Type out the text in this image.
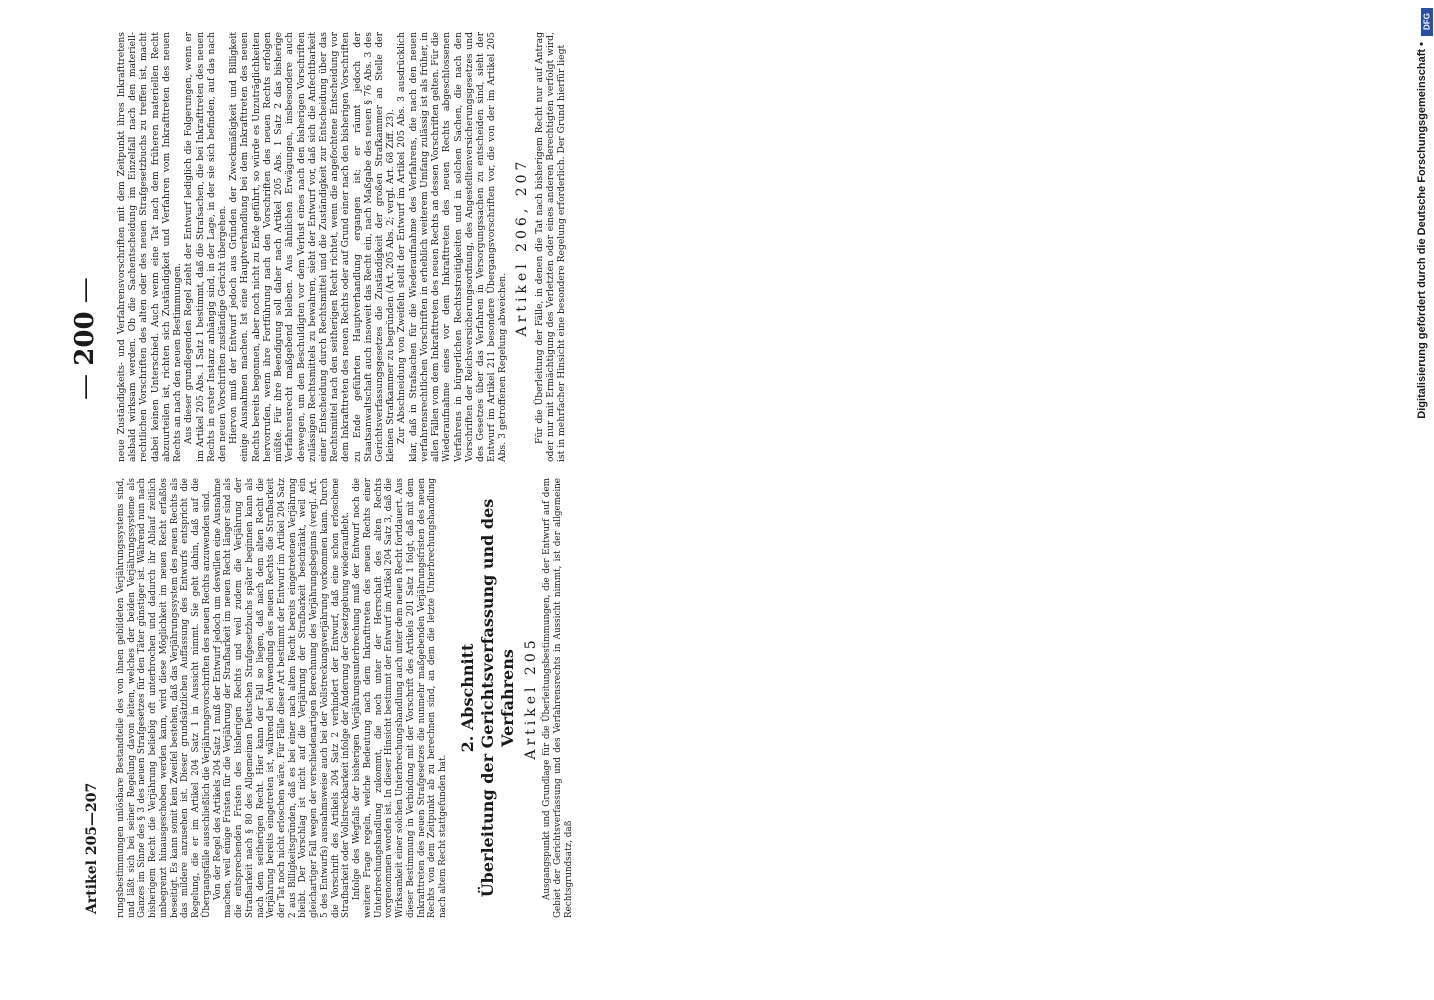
Artikel 205—207
— 200 —

rungsbestimmungen unlösbare Bestandteile des von ihnen gebildeten Verjährungssystems sind, und läßt sich bei seiner Regelung davon leiten, welches der beiden Verjährungssysteme als Ganzes im Sinne des § 3 des neuen Strafgesetzes für den Täter günstiger ist. Während nun nach bisherigem Recht die Verjährung beliebig oft unterbrochen und dadurch ihr Ablauf zeitlich unbegrenzt hinausgeschoben werden kann, wird diese Möglichkeit im neuen Recht erfaßlos beseitigt. Es kann somit kein Zweifel bestehen, daß das Verjährungssystem des neuen Rechts als das mildere anzusehen ist. Dieser grundsätzlichen Auffassung des Entwurfs entspricht die Regelung, die er im Artikel 204 Satz 1 in Aussicht nimmt. Sie geht dahin, daß auf die Übergangsfälle ausschließlich die Verjährungsvorschriften des neuen Rechts anzuwenden sind. Von der Regel des Artikels 204 Satz 1 muß der Entwurf jedoch um deswillen eine Ausnahme machen, weil einige Fristen für die Verjährung der Strafbarkeit im neuen Recht länger sind als die entsprechenden Fristen des bisherigen Rechts und weil zudem die Verjährung der Strafbarkeit nach § 80 des Allgemeinen Deutschen Strafgesetzbuchs später beginnen kann als nach dem seitherigen Recht. Hier kann der Fall so liegen, daß nach dem alten Recht die Verjährung bereits eingetreten ist, während bei Anwendung des neuen Rechts die Strafbarkeit der Tat noch nicht erloschen wäre. Für Fälle dieser Art bestimmt der Entwurf im Artikel 204 Satz 2 aus Billigkeitsgründen, daß es bei einer nach altem Recht bereits eingetretenen Verjährung bleibt. Der Vorschlag ist nicht auf die Verjährung der Strafbarkeit beschränkt, weil ein gleichartiger Fall wegen der verschiedenartigen Berechnung des Verjährungsbeginns (vergl. Art. 5 des Entwurfs) ausnahmsweise auch bei der Vollstreckungsverjährung vorkommen kann. Durch die Vorschrift des Artikels 204 Satz 2 verhindert der Entwurf, daß eine schon erloschene Strafbarkeit oder Vollstreckbarkeit infolge der Änderung der Gesetzgebung wiederauflebt. Infolge des Wegfalls der bisherigen Verjährungsunterbrechung muß der Entwurf noch die weitere Frage regeln, welche Bedeutung nach dem Inkrafttreten des neuen Rechts einer Unterbrechungshandlung zukommt, die noch unter der Herrschaft des alten Rechts vorgenommen worden ist. In dieser Hinsicht bestimmt der Entwurf im Artikel 204 Satz 3, daß die Wirksamkeit einer solchen Unterbrechungshandlung auch unter dem neuen Recht fortdauert. Aus dieser Bestimmung in Verbindung mit der Vorschrift des Artikels 201 Satz 1 folgt, daß mit dem Inkrafttreten des neuen Strafgesetzes die nunmehr maßgebenden Verjährungsfristen des neuen Rechts von dem Zeitpunkt ab zu berechnen sind, an dem die letzte Unterbrechungshandlung nach altem Recht stattgefunden hat.

2. Abschnitt Überleitung der Gerichtsverfassung und des Verfahrens Artikel 205 Ausgangspunkt und Grundlage für die Überleitungsbestimmungen, die der Entwurf auf dem Gebiet der Gerichtsverfassung und des Verfahrensrechts in Aussicht nimmt, ist der allgemeine Rechtsgrundsatz, daß

neue Zuständigkeits- und Verfahrensvorschriften mit dem Zeitpunkt ihres Inkrafttretens alsbald wirksam werden. Ob die Sachentscheidung im Einzelfall nach den materiell-rechtlichen Vorschriften des alten oder des neuen Strafgesetzbuchs zu treffen ist, macht dabei keinen Unterschied. Auch wenn eine Tat nach dem früheren materiellen Recht abzuurteilen ist, richten sich Zuständigkeit und Verfahren vom Inkrafttreten des neuen Rechts an nach den neuen Bestimmungen. Aus dieser grundlegenden Regel zieht der Entwurf lediglich die Folgerungen, wenn er im Artikel 205 Abs. 1 Satz 1 bestimmt, daß die Strafsachen, die bei Inkrafttreten des neuen Rechts in erster Instanz anhängig sind, in der Lage, in der sie sich befinden, auf das nach den neuen Vorschriften zuständige Gericht übergehen. Hiervon muß der Entwurf jedoch aus Gründen der Zweckmäßigkeit und Billigkeit einige Ausnahmen machen. Ist eine Hauptverhandlung bei dem Inkrafttreten des neuen Rechts bereits begonnen, aber noch nicht zu Ende geführt, so würde es Unzuträglichkeiten hervorrufen, wenn ihre Fortführung nach den Vorschriften des neuen Rechts erfolgen müßte. Für ihre Beendigung soll daher nach Artikel 205 Abs. 1 Satz 2 das bisherige Verfahrensrecht maßgebend bleiben. Aus ähnlichen Erwägungen, insbesondere auch deswegen, um den Beschuldigten vor dem Verlust eines nach den bisherigen Vorschriften zulässigen Rechtsmittels zu bewahren, sieht der Entwurf vor, daß sich die Anfechtbarkeit einer Entscheidung durch Rechtsmittel und die Zuständigkeit zur Entscheidung über das Rechtsmittel nach den seitherigen Recht richtet, wenn die angefochtene Entscheidung vor dem Inkrafttreten des neuen Rechts oder auf Grund einer nach den bisherigen Vorschriften zu Ende geführten Hauptverhandlung ergangen ist; er räumt jedoch der Staatsanwaltschaft auch insoweit das Recht ein, nach Maßgabe des neuen § 76 Abs. 3 des Gerichtsverfassungsgesetzes die Zuständigkeit der großen Strafkammer an Stelle der kleinen Strafkammer zu begründen (Art. 205 Abs. 2; vergl. Art. 68 Ziff. 23). Zur Abschneidung von Zweifeln stellt der Entwurf im Artikel 205 Abs. 3 ausdrücklich klar, daß in Strafsachen für die Wiederaufnahme des Verfahrens, die nach den neuen verfahrensrechtlichen Vorschriften in erheblich weiterem Umfang zulässig ist als früher, in allen Fällen vom dem Inkrafttreten des neuen Rechts an dessen Vorschriften gelten. Für die Wiederaufnahme eines vor dem Inkrafttreten des neuen Rechts abgeschlossenen Verfahrens in bürgerlichen Rechtsstreitigkeiten und in solchen Sachen, die nach den Vorschriften der Reichsversicherungsordnung, des Angestelltenversicherungsgesetzes und des Gesetzes über das Verfahren in Versorgungssachen zu entscheiden sind, sieht der Entwurf im Artikel 211 besondere Übergangsvorschriften vor, die von der im Artikel 205 Abs. 3 getroffenen Regelung abweichen.

Artikel 206, 207 Für die Überleitung der Fälle, in denen die Tat nach bisherigem Recht nur auf Antrag oder nur mit Ermächtigung des Verletzten oder eines anderen Berechtigten verfolgt wird, ist in mehrfacher Hinsicht eine besondere Regelung erforderlich. Der Grund hierfür liegt	Digitalisierung gefördert durch die Deutsche Forschungsgemeinschaft •
DFG
